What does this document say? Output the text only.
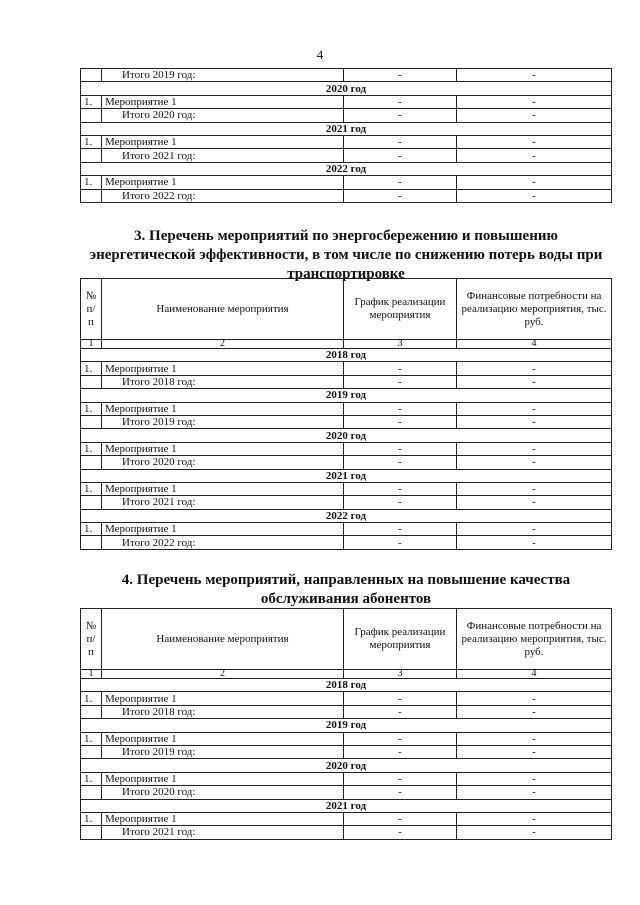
4
	Итого 2019 год:	-	-
2020 год			
1.	Мероприятие 1	-	-
	Итого 2020 год:	-	-
2021 год			
1.	Мероприятие 1	-	-
	Итого 2021 год:	-	-
2022 год			
1.	Мероприятие 1	-	-
	Итого 2022 год:	-	-
3. Перечень мероприятий по энергосбережению и повышению энергетической эффективности, в том числе по снижению потерь воды при транспортировке
№ п/п	Наименование мероприятия	График реализации мероприятия	Финансовые потребности на реализацию мероприятия, тыс. руб.
1	2	3	4
2018 год			
1.	Мероприятие 1	-	-
	Итого 2018 год:	-	-
2019 год			
1.	Мероприятие 1	-	-
	Итого 2019 год:	-	-
2020 год			
1.	Мероприятие 1	-	-
	Итого 2020 год:	-	-
2021 год			
1.	Мероприятие 1	-	-
	Итого 2021 год:	-	-
2022 год			
1.	Мероприятие 1	-	-
	Итого 2022 год:	-	-
4. Перечень мероприятий, направленных на повышение качества обслуживания абонентов
№ п/п	Наименование мероприятия	График реализации мероприятия	Финансовые потребности на реализацию мероприятия, тыс. руб.
1	2	3	4
2018 год			
1.	Мероприятие 1	-	-
	Итого 2018 год:	-	-
2019 год			
1.	Мероприятие 1	-	-
	Итого 2019 год:	-	-
2020 год			
1.	Мероприятие 1	-	-
	Итого 2020 год:	-	-
2021 год			
1.	Мероприятие 1	-	-
	Итого 2021 год:	-	-
